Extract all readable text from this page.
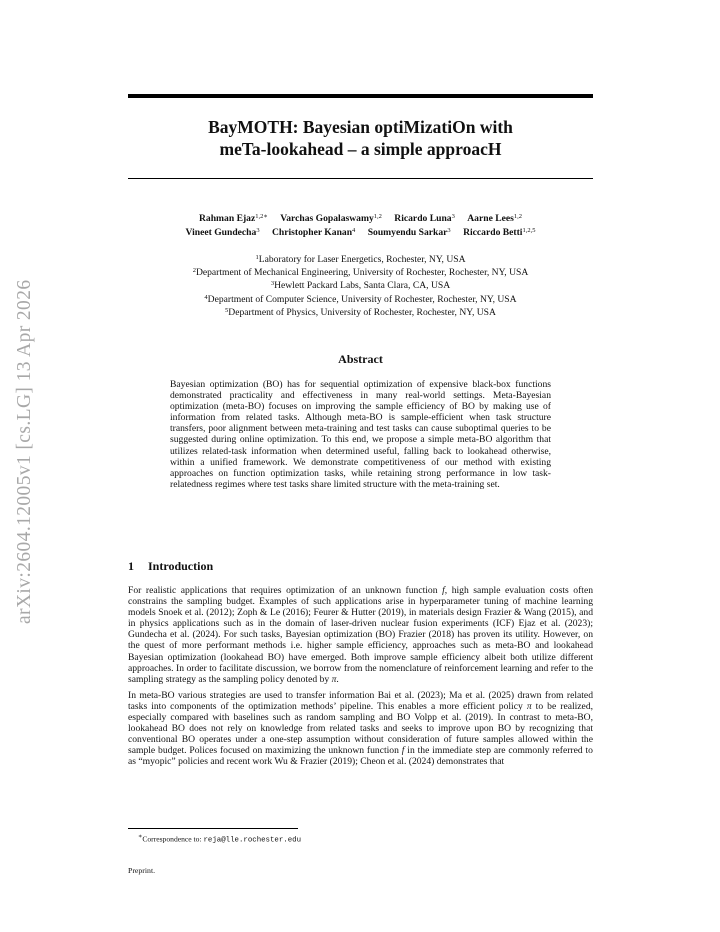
arXiv:2604.12005v1 [cs.LG] 13 Apr 2026
BayMOTH: Bayesian optiMizatiOn with
meTa-lookahead – a simple approacH
Rahman Ejaz$^{1,2∗}$ Varchas Gopalaswamy$^{1,2}$ Ricardo Luna$^3$ Aarne Lees$^{1,2}$
Vineet Gundecha$^3$ Christopher Kanan$^4$ Soumyendu Sarkar$^3$ Riccardo Betti$^{1,2,5}$
$^1$Laboratory for Laser Energetics, Rochester, NY, USA
$^2$Department of Mechanical Engineering, University of Rochester, Rochester, NY, USA
$^3$Hewlett Packard Labs, Santa Clara, CA, USA
$^4$Department of Computer Science, University of Rochester, Rochester, NY, USA
$^5$Department of Physics, University of Rochester, Rochester, NY, USA
Abstract
Bayesian optimization (BO) has for sequential optimization of expensive black-box functions demonstrated practicality and effectiveness in many real-world settings. Meta-Bayesian optimization (meta-BO) focuses on improving the sample efficiency of BO by making use of information from related tasks. Although meta-BO is sample-efficient when task structure transfers, poor alignment between meta-training and test tasks can cause suboptimal queries to be suggested during online optimization. To this end, we propose a simple meta-BO algorithm that utilizes related-task information when determined useful, falling back to lookahead otherwise, within a unified framework. We demonstrate competitiveness of our method with existing approaches on function optimization tasks, while retaining strong performance in low task-relatedness regimes where test tasks share limited structure with the meta-training set.
1 Introduction

For realistic applications that requires optimization of an unknown function f, high sample evaluation costs often constrains the sampling budget. Examples of such applications arise in hyperparameter tuning of machine learning models Snoek et al. (2012); Zoph & Le (2016); Feurer & Hutter (2019), in materials design Frazier & Wang (2015), and in physics applications such as in the domain of laser-driven nuclear fusion experiments (ICF) Ejaz et al. (2023); Gundecha et al. (2024). For such tasks, Bayesian optimization (BO) Frazier (2018) has proven its utility. However, on the quest of more performant methods i.e. higher sample efficiency, approaches such as meta-BO and lookahead Bayesian optimization (lookahead BO) have emerged. Both improve sample efficiency albeit both utilize different approaches. In order to facilitate discussion, we borrow from the nomenclature of reinforcement learning and refer to the sampling strategy as the sampling policy denoted by π.

In meta-BO various strategies are used to transfer information Bai et al. (2023); Ma et al. (2025) drawn from related tasks into components of the optimization methods’ pipeline. This enables a more efficient policy π to be realized, especially compared with baselines such as random sampling and BO Volpp et al. (2019). In contrast to meta-BO, lookahead BO does not rely on knowledge from related tasks and seeks to improve upon BO by recognizing that conventional BO operates under a one-step assumption without consideration of future samples allowed within the sample budget. Polices focused on maximizing the unknown function f in the immediate step are commonly referred to as “myopic” policies and recent work Wu & Frazier (2019); Cheon et al. (2024) demonstrates that

∗Correspondence to: reja@lle.rochester.edu
Preprint.
